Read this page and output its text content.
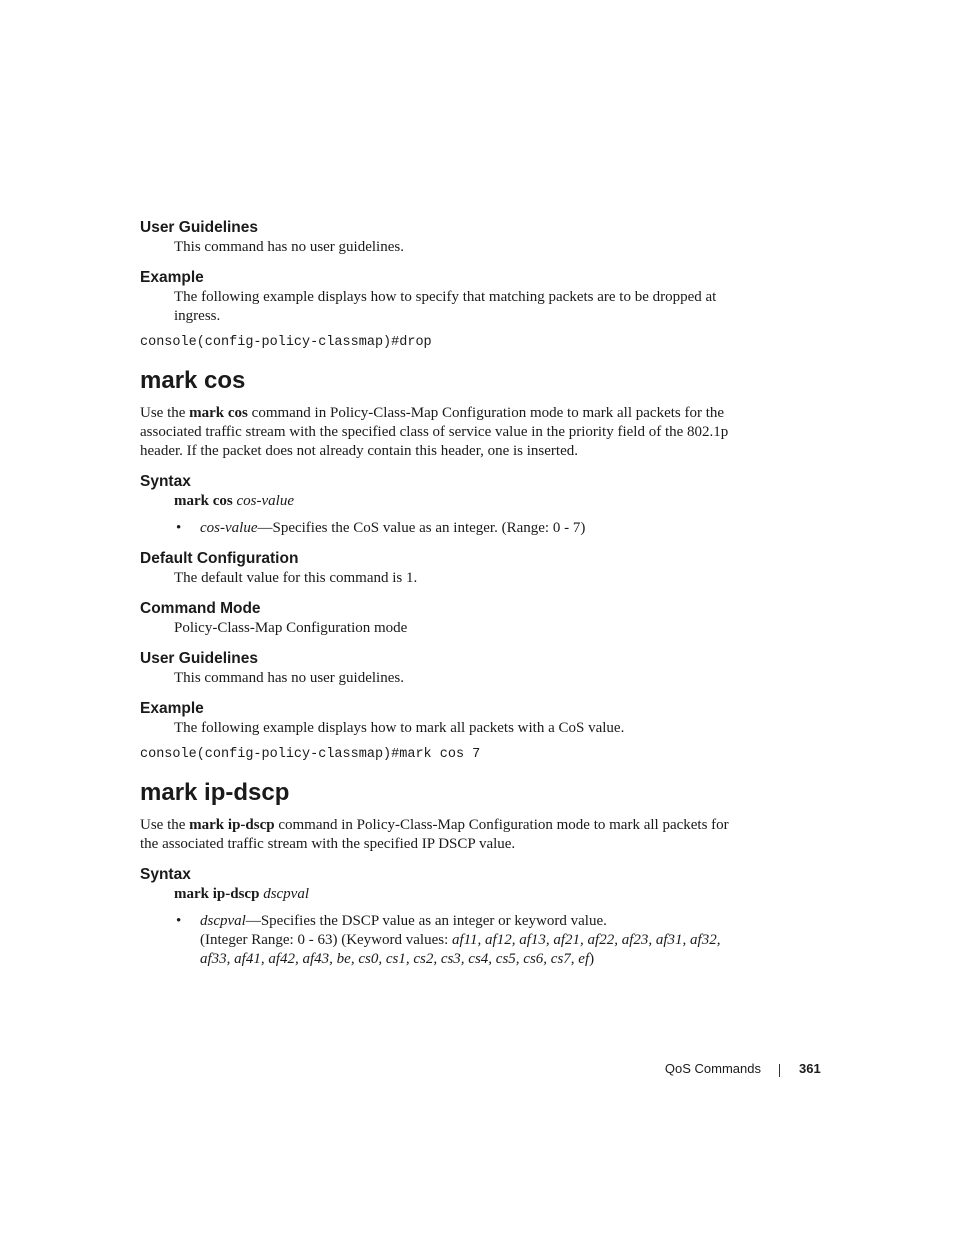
User Guidelines

This command has no user guidelines.

Example

The following example displays how to specify that matching packets are to be dropped at

ingress.

console(config-policy-classmap)#drop

mark cos

Use the mark cos command in Policy-Class-Map Configuration mode to mark all packets for the

associated traffic stream with the specified class of service value in the priority field of the 802.1p

header. If the packet does not already contain this header, one is inserted.

Syntax

mark cos cos-value

• cos-value—Specifies the CoS value as an integer. (Range: 0 - 7)

Default Configuration

The default value for this command is 1.

Command Mode

Policy-Class-Map Configuration mode

User Guidelines

This command has no user guidelines.

Example

The following example displays how to mark all packets with a CoS value.

console(config-policy-classmap)#mark cos 7

mark ip-dscp

Use the mark ip-dscp command in Policy-Class-Map Configuration mode to mark all packets for

the associated traffic stream with the specified IP DSCP value.

Syntax

mark ip-dscp dscpval

• dscpval—Specifies the DSCP value as an integer or keyword value.
(Integer Range: 0 - 63) (Keyword values: af11, af12, af13, af21, af22, af23, af31, af32,
af33, af41, af42, af43, be, cs0, cs1, cs2, cs3, cs4, cs5, cs6, cs7, ef)

QoS Commands	361
